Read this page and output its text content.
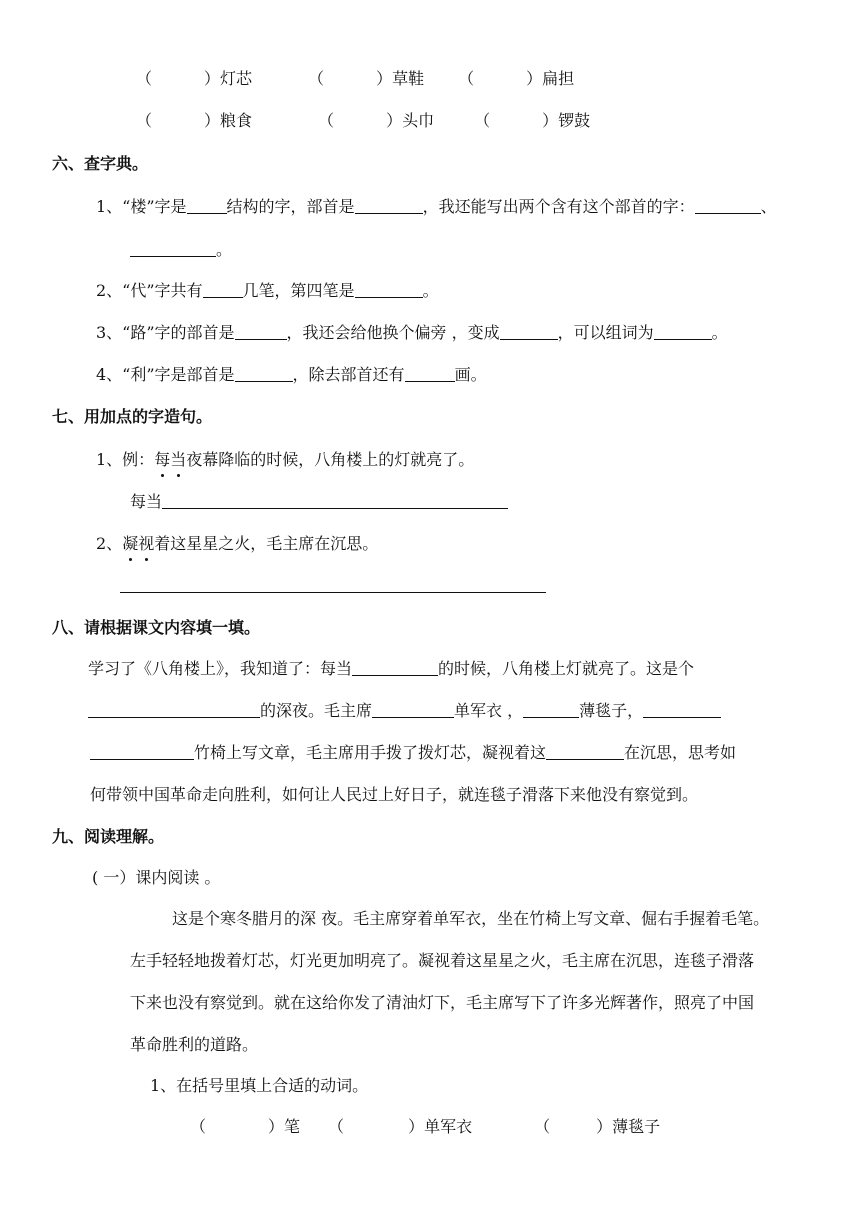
（	）灯芯	（	）草鞋 （	）扁担
（	）粮食	（	）头巾	（	）锣鼓
六、查字典。
1、“楼”字是	结构的字，部首是	，我还能写出两个含有这个部首的字：	、
。
2、“代”字共有	几笔，第四笔是	。
3、“路”字的部首是	，我还会给他换个偏旁 ，变成	，可以组词为	。
4、“利”字是部首是	，除去部首还有	画。
七、用加点的字造句。
1、例：每当夜幕降临的时候，八角楼上的灯就亮了。
每当
2、凝视着这星星之火，毛主席在沉思。
八、请根据课文内容填一填。
学习了《八角楼上》，我知道了：每当	的时候，八角楼上灯就亮了。这是个
的深夜。毛主席	单军衣 ，	薄毯子，
竹椅上写文章，毛主席用手拨了拨灯芯，凝视着这	在沉思，思考如
何带领中国革命走向胜利，如何让人民过上好日子，就连毯子滑落下来他没有察觉到。
九、阅读理解。
( 一）课内阅读 。
这是个寒冬腊月的深 夜。毛主席穿着单军衣，坐在竹椅上写文章、倔右手握着毛笔。
左手轻轻地拨着灯芯，灯光更加明亮了。凝视着这星星之火，毛主席在沉思，连毯子滑落
下来也没有察觉到。就在这给你发了清油灯下，毛主席写下了许多光辉著作，照亮了中国
革命胜利的道路。
1、在括号里填上合适的动词。
（	）笔 （	）单军衣	（	）薄毯子
